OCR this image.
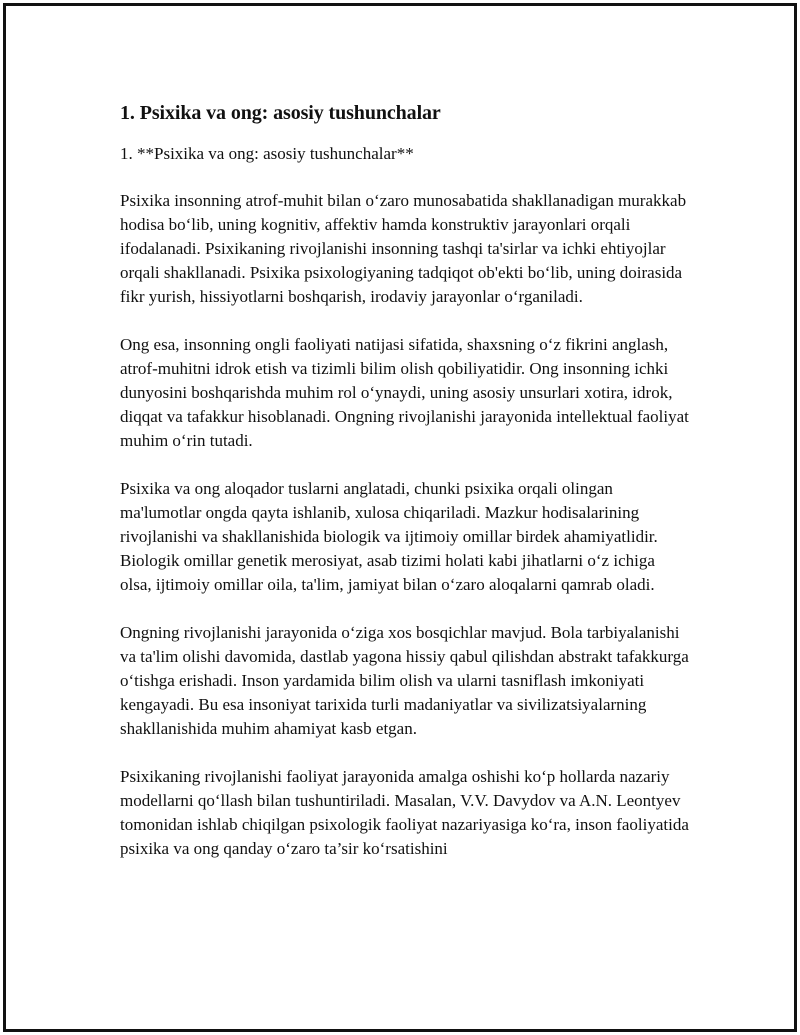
1. Psixika va ong: asosiy tushunchalar

1. **Psixika va ong: asosiy tushunchalar**

Psixika insonning atrof-muhit bilan o‘zaro munosabatida shakllanadigan murakkab hodisa bo‘lib, uning kognitiv, affektiv hamda konstruktiv jarayonlari orqali ifodalanadi. Psixikaning rivojlanishi insonning tashqi ta'sirlar va ichki ehtiyojlar orqali shakllanadi. Psixika psixologiyaning tadqiqot ob'ekti bo‘lib, uning doirasida fikr yurish, hissiyotlarni boshqarish, irodaviy jarayonlar o‘rganiladi.

Ong esa, insonning ongli faoliyati natijasi sifatida, shaxsning o‘z fikrini anglash, atrof-muhitni idrok etish va tizimli bilim olish qobiliyatidir. Ong insonning ichki dunyosini boshqarishda muhim rol o‘ynaydi, uning asosiy unsurlari xotira, idrok, diqqat va tafakkur hisoblanadi. Ongning rivojlanishi jarayonida intellektual faoliyat muhim o‘rin tutadi.

Psixika va ong aloqador tuslarni anglatadi, chunki psixika orqali olingan ma'lumotlar ongda qayta ishlanib, xulosa chiqariladi. Mazkur hodisalarining rivojlanishi va shakllanishida biologik va ijtimoiy omillar birdek ahamiyatlidir. Biologik omillar genetik merosiyat, asab tizimi holati kabi jihatlarni o‘z ichiga olsa, ijtimoiy omillar oila, ta'lim, jamiyat bilan o‘zaro aloqalarni qamrab oladi.

Ongning rivojlanishi jarayonida o‘ziga xos bosqichlar mavjud. Bola tarbiyalanishi va ta'lim olishi davomida, dastlab yagona hissiy qabul qilishdan abstrakt tafakkurga o‘tishga erishadi. Inson yardamida bilim olish va ularni tasniflash imkoniyati kengayadi. Bu esa insoniyat tarixida turli madaniyatlar va sivilizatsiyalarning shakllanishida muhim ahamiyat kasb etgan.

Psixikaning rivojlanishi faoliyat jarayonida amalga oshishi ko‘p hollarda nazariy modellarni qo‘llash bilan tushuntiriladi. Masalan, V.V. Davydov va A.N. Leontyev tomonidan ishlab chiqilgan psixologik faoliyat nazariyasiga ko‘ra, inson faoliyatida psixika va ong qanday o‘zaro ta’sir ko‘rsatishini
